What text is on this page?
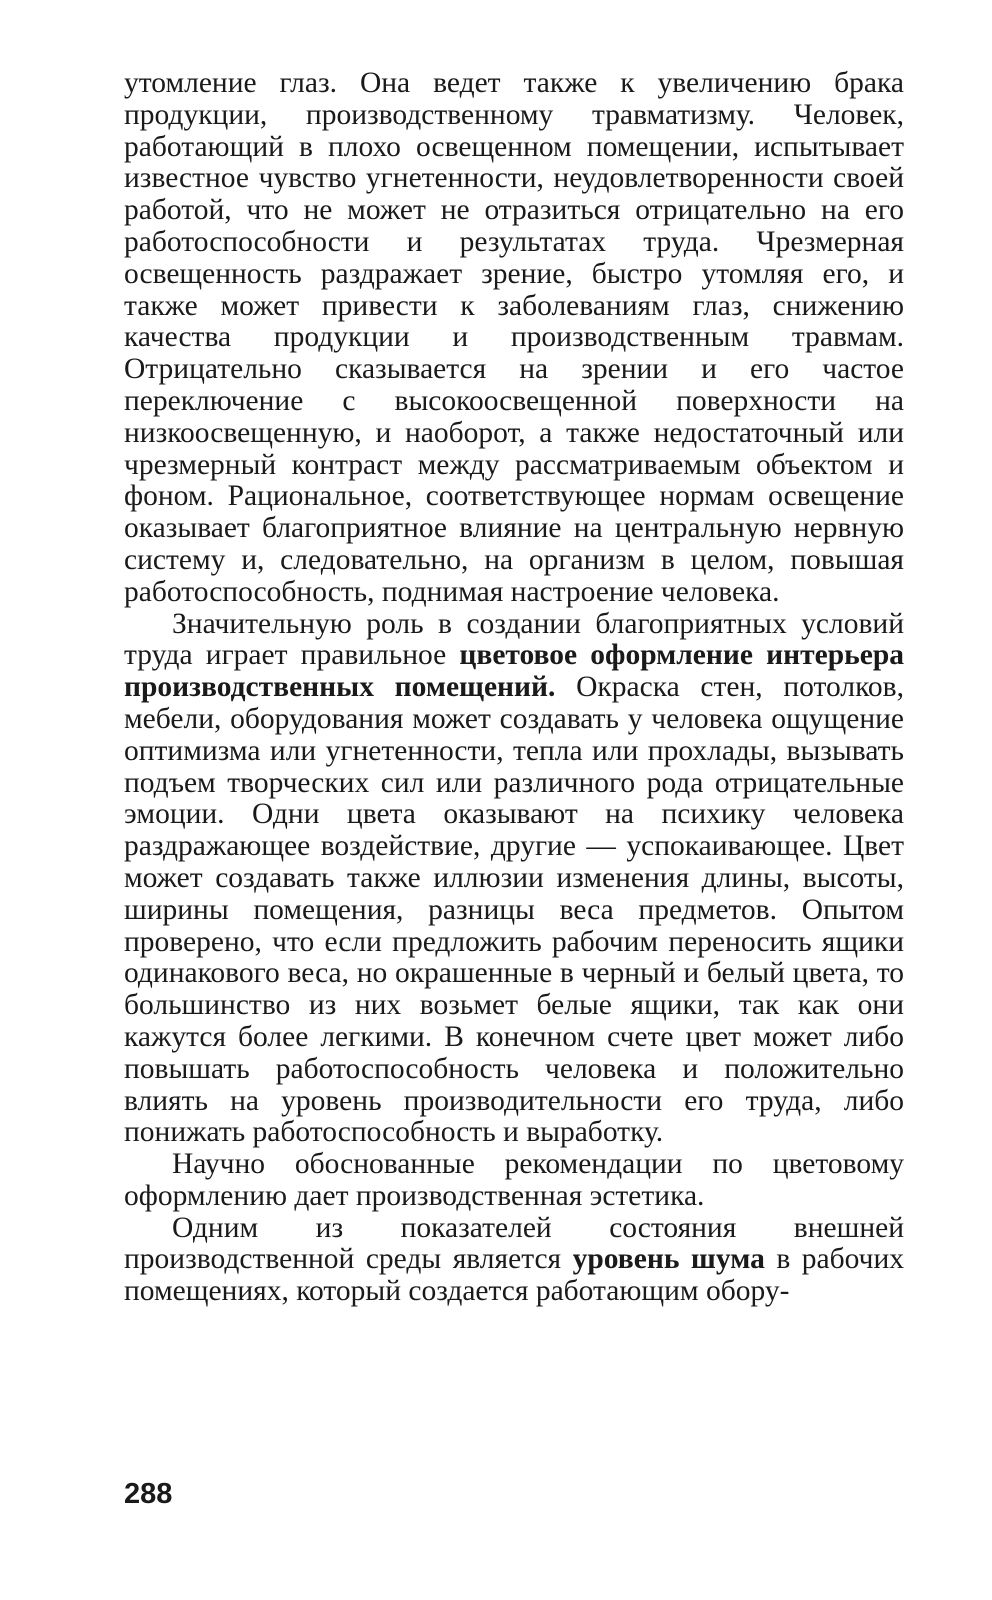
утомление глаз. Она ведет также к увеличению брака продукции, производственному травматизму. Человек, работающий в плохо освещенном помещении, испытывает известное чувство угнетенности, неудовлетворенности своей работой, что не может не отразиться отрицательно на его работоспособности и результатах труда. Чрезмерная освещенность раздражает зрение, быстро утомляя его, и также может привести к заболеваниям глаз, снижению качества продукции и производственным травмам. Отрицательно сказывается на зрении и его частое переключение с высокоосвещенной поверхности на низкоосвещенную, и наоборот, а также недостаточный или чрезмерный контраст между рассматриваемым объектом и фоном. Рациональное, соответствующее нормам освещение оказывает благоприятное влияние на центральную нервную систему и, следовательно, на организм в целом, повышая работоспособность, поднимая настроение человека.

Значительную роль в создании благоприятных условий труда играет правильное цветовое оформление интерьера производственных помещений. Окраска стен, потолков, мебели, оборудования может создавать у человека ощущение оптимизма или угнетенности, тепла или прохлады, вызывать подъем творческих сил или различного рода отрицательные эмоции. Одни цвета оказывают на психику человека раздражающее воздействие, другие — успокаивающее. Цвет может создавать также иллюзии изменения длины, высоты, ширины помещения, разницы веса предметов. Опытом проверено, что если предложить рабочим переносить ящики одинакового веса, но окрашенные в черный и белый цвета, то большинство из них возьмет белые ящики, так как они кажутся более легкими. В конечном счете цвет может либо повышать работоспособность человека и положительно влиять на уровень производительности его труда, либо понижать работоспособность и выработку.

Научно обоснованные рекомендации по цветовому оформлению дает производственная эстетика.

Одним из показателей состояния внешней производственной среды является уровень шума в рабочих помещениях, который создается работающим обору-

288
